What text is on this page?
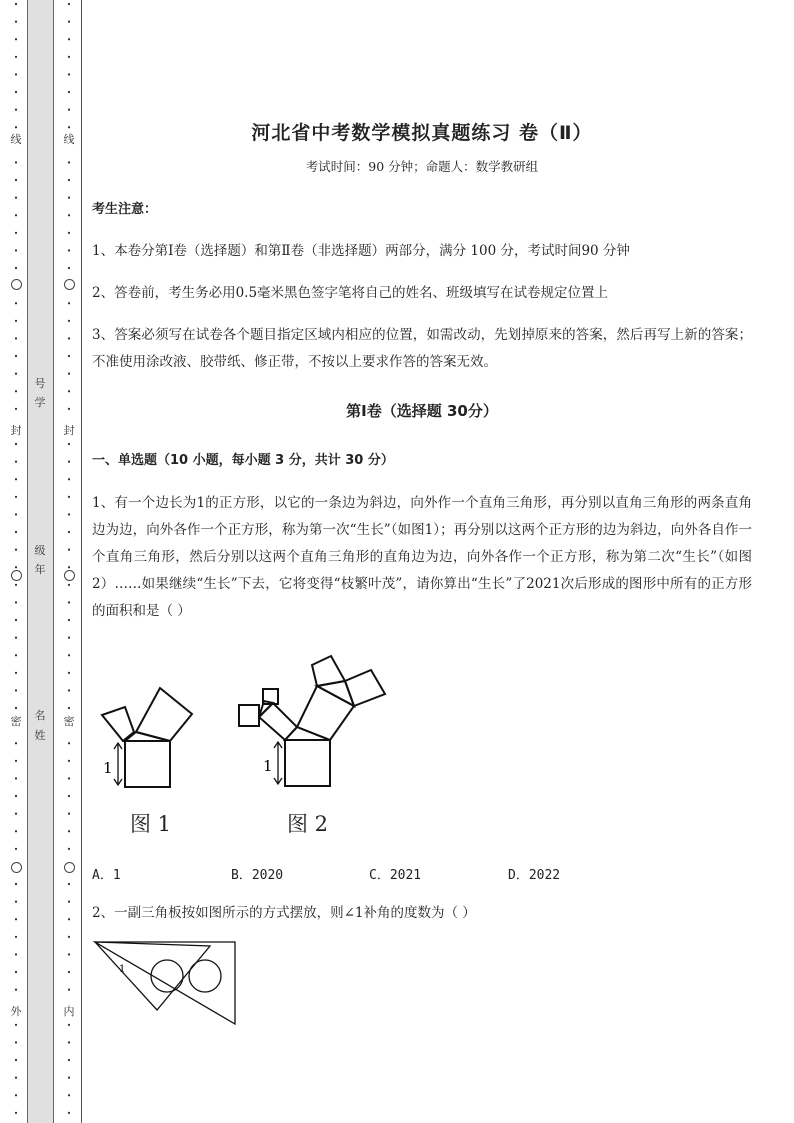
线
封
密
外
线
封
密
内
号
学
级
年
名
姓
河北省中考数学模拟真题练习 卷（Ⅱ）
考试时间：90 分钟；命题人：数学教研组
考生注意：
1、本卷分第Ⅰ卷（选择题）和第Ⅱ卷（非选择题）两部分，满分 100 分，考试时间90 分钟
2、答卷前，考生务必用0.5毫米黑色签字笔将自己的姓名、班级填写在试卷规定位置上
3、答案必须写在试卷各个题目指定区域内相应的位置，如需改动，先划掉原来的答案，然后再写上新的答案；不准使用涂改液、胶带纸、修正带，不按以上要求作答的答案无效。
第Ⅰ卷（选择题 30分）
一、单选题（10 小题，每小题 3 分，共计 30 分）
1、有一个边长为1的正方形，以它的一条边为斜边，向外作一个直角三角形，再分别以直角三角形的两条直角边为边，向外各作一个正方形，称为第一次“生长”（如图1）；再分别以这两个正方形的边为斜边，向外各自作一个直角三角形，然后分别以这两个直角三角形的直角边为边，向外各作一个正方形，称为第二次“生长”（如图2）……如果继续“生长”下去，它将变得“枝繁叶茂”，请你算出“生长”了2021次后形成的图形中所有的正方形的面积和是（ ）
1	1
图 1	图 2
A．1	B．2020	C．2021	D．2022
2、一副三角板按如图所示的方式摆放，则∠1补角的度数为（ ）
1
